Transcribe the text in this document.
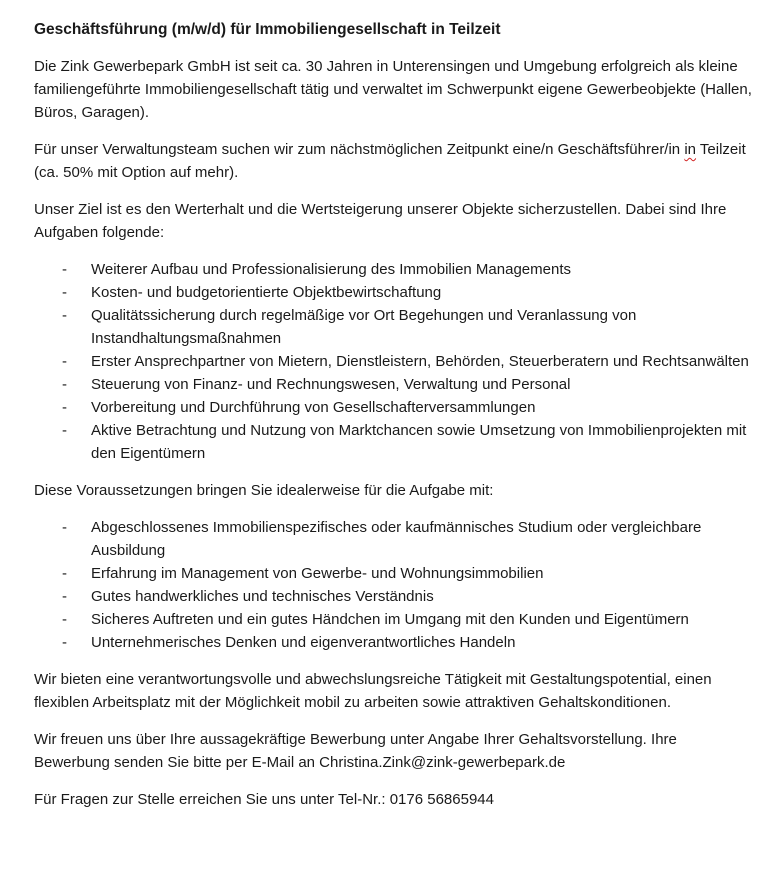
Geschäftsführung (m/w/d) für Immobiliengesellschaft in Teilzeit

Die Zink Gewerbepark GmbH ist seit ca. 30 Jahren in Unterensingen und Umgebung erfolgreich als kleine familiengeführte Immobiliengesellschaft tätig und verwaltet im Schwerpunkt eigene Gewerbeobjekte (Hallen, Büros, Garagen).

Für unser Verwaltungsteam suchen wir zum nächstmöglichen Zeitpunkt eine/n Geschäftsführer/in in Teilzeit (ca. 50% mit Option auf mehr).

Unser Ziel ist es den Werterhalt und die Wertsteigerung unserer Objekte sicherzustellen. Dabei sind Ihre Aufgaben folgende:

- Weiterer Aufbau und Professionalisierung des Immobilien Managements
- Kosten- und budgetorientierte Objektbewirtschaftung
- Qualitätssicherung durch regelmäßige vor Ort Begehungen und Veranlassung von Instandhaltungsmaßnahmen
- Erster Ansprechpartner von Mietern, Dienstleistern, Behörden, Steuerberatern und Rechtsanwälten
- Steuerung von Finanz- und Rechnungswesen, Verwaltung und Personal
- Vorbereitung und Durchführung von Gesellschafterversammlungen
- Aktive Betrachtung und Nutzung von Marktchancen sowie Umsetzung von Immobilienprojekten mit den Eigentümern

Diese Voraussetzungen bringen Sie idealerweise für die Aufgabe mit:

- Abgeschlossenes Immobilienspezifisches oder kaufmännisches Studium oder vergleichbare Ausbildung
- Erfahrung im Management von Gewerbe- und Wohnungsimmobilien
- Gutes handwerkliches und technisches Verständnis
- Sicheres Auftreten und ein gutes Händchen im Umgang mit den Kunden und Eigentümern
- Unternehmerisches Denken und eigenverantwortliches Handeln

Wir bieten eine verantwortungsvolle und abwechslungsreiche Tätigkeit mit Gestaltungspotential, einen flexiblen Arbeitsplatz mit der Möglichkeit mobil zu arbeiten sowie attraktiven Gehaltskonditionen.

Wir freuen uns über Ihre aussagekräftige Bewerbung unter Angabe Ihrer Gehaltsvorstellung. Ihre Bewerbung senden Sie bitte per E-Mail an Christina.Zink@zink-gewerbepark.de

Für Fragen zur Stelle erreichen Sie uns unter Tel-Nr.: 0176 56865944
